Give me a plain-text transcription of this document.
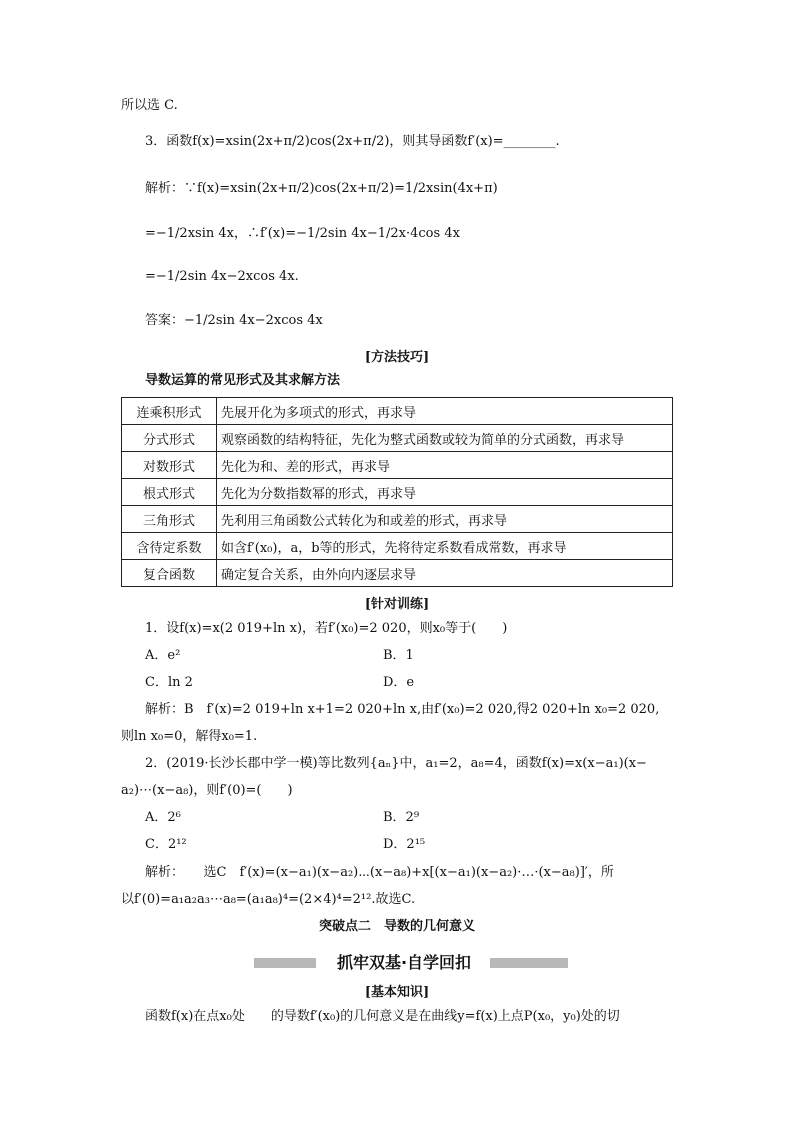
所以选 C.
3．函数f(x)=xsin(2x+π/2)cos(2x+π/2)，则其导函数f′(x)=________.
解析：∵f(x)=xsin(2x+π/2)cos(2x+π/2)=1/2xsin(4x+π)
=−1/2xsin 4x，∴f′(x)=−1/2sin 4x−1/2x·4cos 4x
=−1/2sin 4x−2xcos 4x.
答案：−1/2sin 4x−2xcos 4x
[方法技巧]
导数运算的常见形式及其求解方法
连乘积形式	先展开化为多项式的形式，再求导
分式形式	观察函数的结构特征，先化为整式函数或较为简单的分式函数，再求导
对数形式	先化为和、差的形式，再求导
根式形式	先化为分数指数幂的形式，再求导
三角形式	先利用三角函数公式转化为和或差的形式，再求导
含待定系数	如含f′(x₀)，a，b等的形式，先将待定系数看成常数，再求导
复合函数	确定复合关系，由外向内逐层求导
[针对训练]
1．设f(x)=x(2 019+ln x)，若f′(x₀)=2 020，则x₀等于(　　)
A．e²	B．1
C．ln 2	D．e
解析：B　f′(x)=2 019+ln x+1=2 020+ln x,由f′(x₀)=2 020,得2 020+ln x₀=2 020,
则ln x₀=0，解得x₀=1.
2．(2019·长沙长郡中学一模)等比数列{aₙ}中，a₁=2，a₈=4，函数f(x)=x(x−a₁)(x−
a₂)⋯(x−a₈)，则f′(0)=(　　)
A．2⁶	B．2⁹
C．2¹²	D．2¹⁵
解析：　　选C　f′(x)=(x−a₁)(x−a₂)⋯(x−a₈)+x[(x−a₁)(x−a₂)·…·(x−a₈)]′，所
以f′(0)=a₁a₂a₃⋯a₈=(a₁a₈)⁴=(2×4)⁴=2¹².故选C.
突破点二　导数的几何意义
抓牢双基·自学回扣
[基本知识]
函数f(x)在点x₀处　　的导数f′(x₀)的几何意义是在曲线y=f(x)上点P(x₀，y₀)处的切
